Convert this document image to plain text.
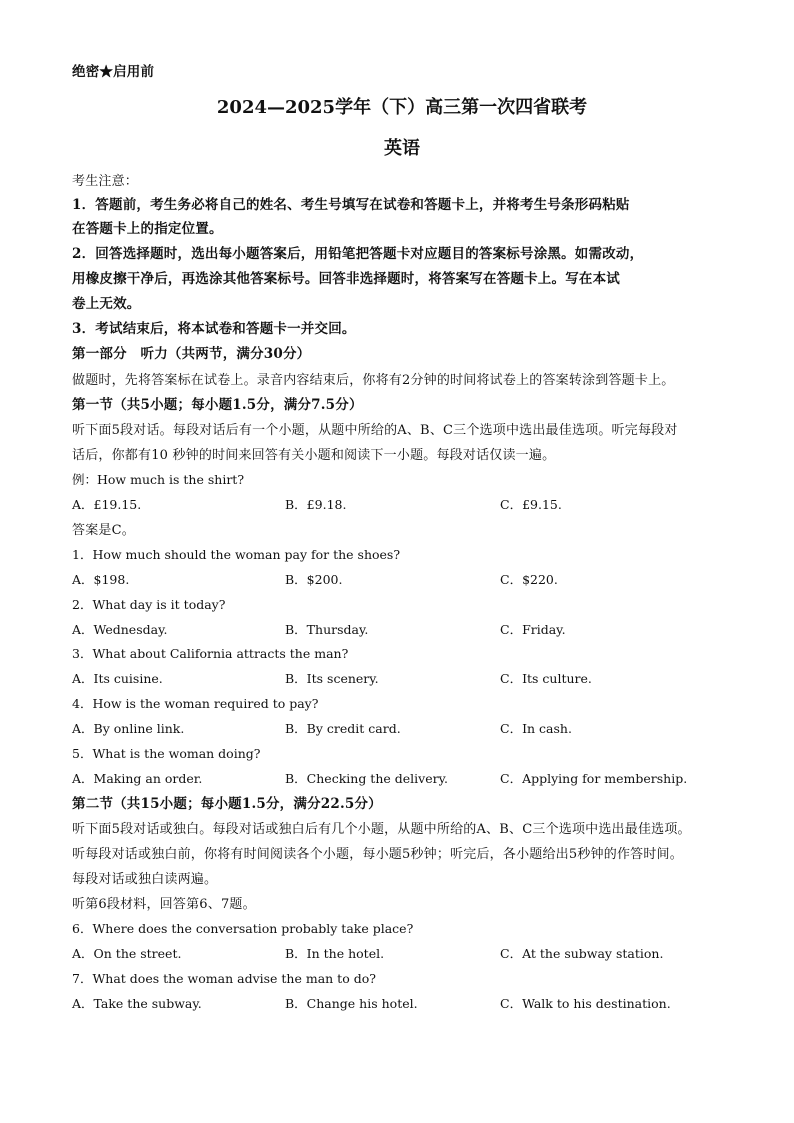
绝密★启用前
2024—2025学年（下）高三第一次四省联考
英语
考生注意：
1．答题前，考生务必将自己的姓名、考生号填写在试卷和答题卡上，并将考生号条形码粘贴
在答题卡上的指定位置。
2．回答选择题时，选出每小题答案后，用铅笔把答题卡对应题目的答案标号涂黑。如需改动，
用橡皮擦干净后，再选涂其他答案标号。回答非选择题时，将答案写在答题卡上。写在本试
卷上无效。
3．考试结束后，将本试卷和答题卡一并交回。
第一部分　听力（共两节，满分30分）
做题时，先将答案标在试卷上。录音内容结束后，你将有2分钟的时间将试卷上的答案转涂到答题卡上。
第一节（共5小题；每小题1.5分，满分7.5分）
听下面5段对话。每段对话后有一个小题，从题中所给的A、B、C三个选项中选出最佳选项。听完每段对
话后，你都有10 秒钟的时间来回答有关小题和阅读下一小题。每段对话仅读一遍。
例：How much is the shirt?
A．£19.15.	B．£9.18.	C．£9.15.
答案是C。
1．How much should the woman pay for the shoes?
A．$198.	B．$200.	C．$220.
2．What day is it today?
A．Wednesday.	B．Thursday.	C．Friday.
3．What about California attracts the man?
A．Its cuisine.	B．Its scenery.	C．Its culture.
4．How is the woman required to pay?
A．By online link.	B．By credit card.	C．In cash.
5．What is the woman doing?
A．Making an order.	B．Checking the delivery.	C．Applying for membership.
第二节（共15小题；每小题1.5分，满分22.5分）
听下面5段对话或独白。每段对话或独白后有几个小题，从题中所给的A、B、C三个选项中选出最佳选项。
听每段对话或独白前，你将有时间阅读各个小题，每小题5秒钟；听完后，各小题给出5秒钟的作答时间。
每段对话或独白读两遍。
听第6段材料，回答第6、7题。
6．Where does the conversation probably take place?
A．On the street.	B．In the hotel.	C．At the subway station.
7．What does the woman advise the man to do?
A．Take the subway.	B．Change his hotel.	C．Walk to his destination.
